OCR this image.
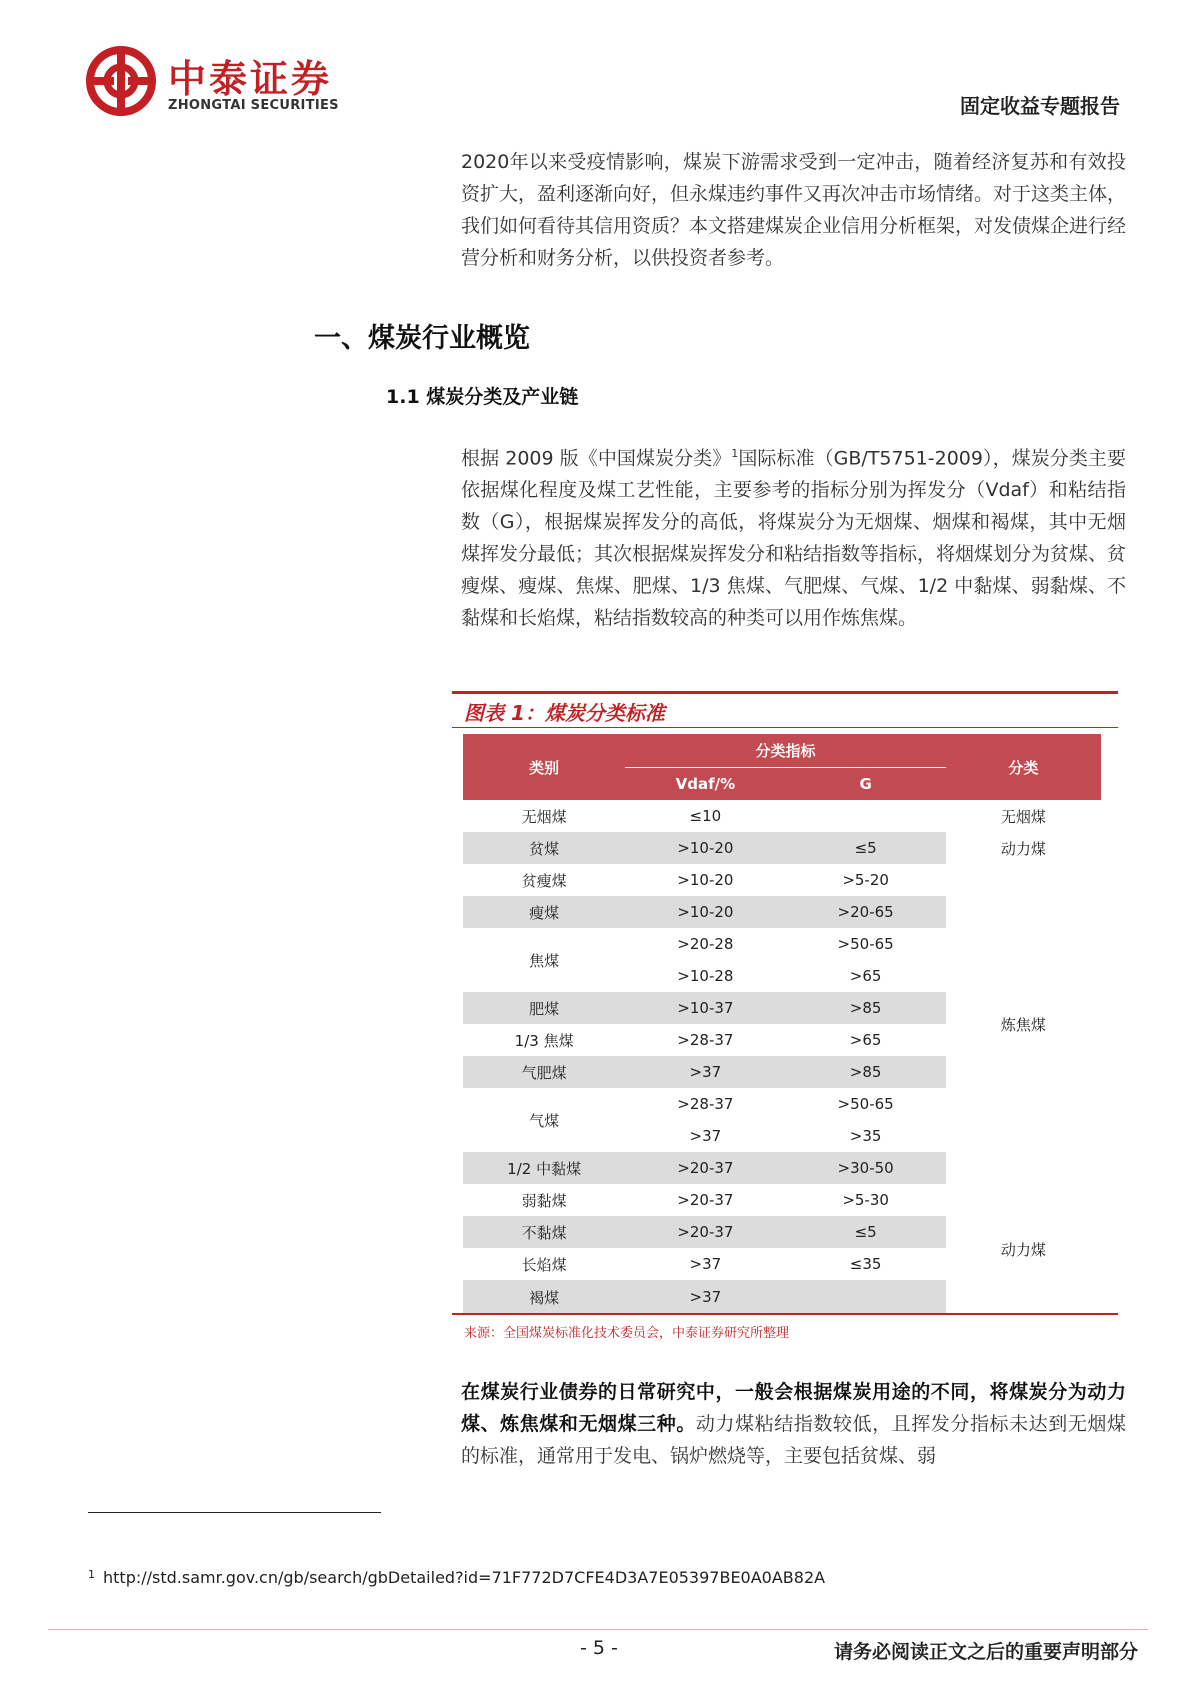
中泰证券
ZHONGTAI SECURITIES	固定收益专题报告

2020年以来受疫情影响，煤炭下游需求受到一定冲击，随着经济复苏和有效投资扩大，盈利逐渐向好，但永煤违约事件又再次冲击市场情绪。对于这类主体，我们如何看待其信用资质？本文搭建煤炭企业信用分析框架，对发债煤企进行经营分析和财务分析，以供投资者参考。

一、煤炭行业概览
1.1 煤炭分类及产业链

根据 2009 版《中国煤炭分类》$^1$国际标准（GB/T5751-2009），煤炭分类主要依据煤化程度及煤工艺性能，主要参考的指标分别为挥发分（Vdaf）和粘结指数（G），根据煤炭挥发分的高低，将煤炭分为无烟煤、烟煤和褐煤，其中无烟煤挥发分最低；其次根据煤炭挥发分和粘结指数等指标，将烟煤划分为贫煤、贫瘦煤、瘦煤、焦煤、肥煤、1/3 焦煤、气肥煤、气煤、1/2 中黏煤、弱黏煤、不黏煤和长焰煤，粘结指数较高的种类可以用作炼焦煤。

图表 1：煤炭分类标准
类别	分类指标		分类
	Vdaf/%	G	
无烟煤	≤10		无烟煤
贫煤	>10-20	≤5	动力煤
贫瘦煤	>10-20	>5-20	炼焦煤
瘦煤	>10-20	>20-65	
焦煤	>20-28	>50-65	
	>10-28	>65	
肥煤	>10-37	>85	
1/3 焦煤	>28-37	>65	
气肥煤	>37	>85	
气煤	>28-37	>50-65	
	>37	>35	
1/2 中黏煤	>20-37	>30-50	
弱黏煤	>20-37	>5-30	动力煤
不黏煤	>20-37	≤5	
长焰煤	>37	≤35	
褐煤	>37		
来源：全国煤炭标准化技术委员会，中泰证券研究所整理

在煤炭行业债券的日常研究中，一般会根据煤炭用途的不同，将煤炭分为动力煤、炼焦煤和无烟煤三种。动力煤粘结指数较低，且挥发分指标未达到无烟煤的标准，通常用于发电、锅炉燃烧等，主要包括贫煤、弱

$^1$ http://std.samr.gov.cn/gb/search/gbDetailed?id=71F772D7CFE4D3A7E05397BE0A0AB82A
- 5 -	请务必阅读正文之后的重要声明部分
